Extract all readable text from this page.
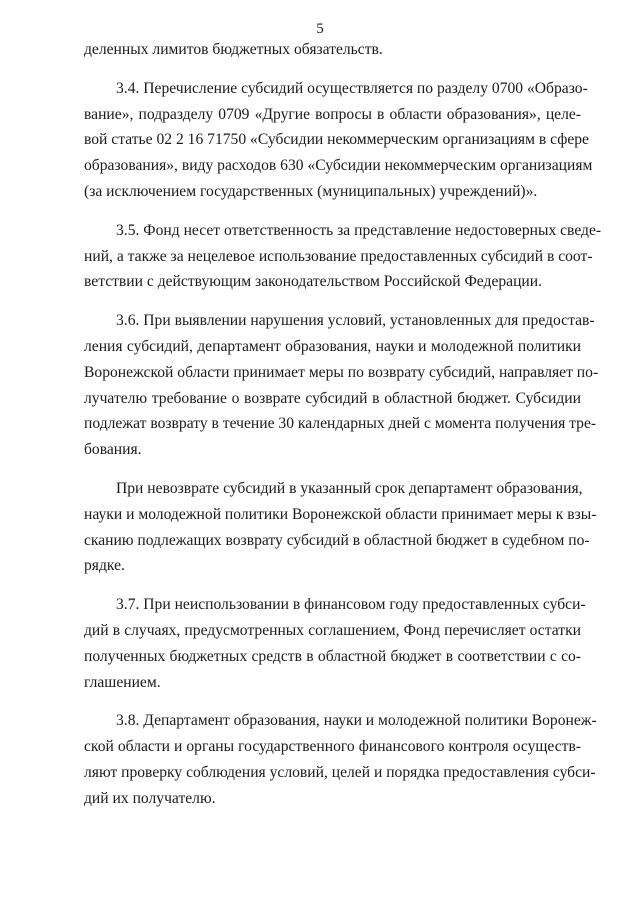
5

деленных лимитов бюджетных обязательств.
3.4. Перечисление субсидий осуществляется по разделу 0700 «Образо-
вание», подразделу 0709 «Другие вопросы в области образования», целе-
вой статье 02 2 16 71750 «Субсидии некоммерческим организациям в сфере
образования», виду расходов 630 «Субсидии некоммерческим организациям
(за исключением государственных (муниципальных) учреждений)».
3.5. Фонд несет ответственность за представление недостоверных сведе-
ний, а также за нецелевое использование предоставленных субсидий в соот-
ветствии с действующим законодательством Российской Федерации.
3.6. При выявлении нарушения условий, установленных для предостав-
ления субсидий, департамент образования, науки и молодежной политики
Воронежской области принимает меры по возврату субсидий, направляет по-
лучателю требование о возврате субсидий в областной бюджет. Субсидии
подлежат возврату в течение 30 календарных дней с момента получения тре-
бования.
При невозврате субсидий в указанный срок департамент образования,
науки и молодежной политики Воронежской области принимает меры к взы-
сканию подлежащих возврату субсидий в областной бюджет в судебном по-
рядке.
3.7. При неиспользовании в финансовом году предоставленных субси-
дий в случаях, предусмотренных соглашением, Фонд перечисляет остатки
полученных бюджетных средств в областной бюджет в соответствии с со-
глашением.
3.8. Департамент образования, науки и молодежной политики Воронеж-
ской области и органы государственного финансового контроля осуществ-
ляют проверку соблюдения условий, целей и порядка предоставления субси-
дий их получателю.
